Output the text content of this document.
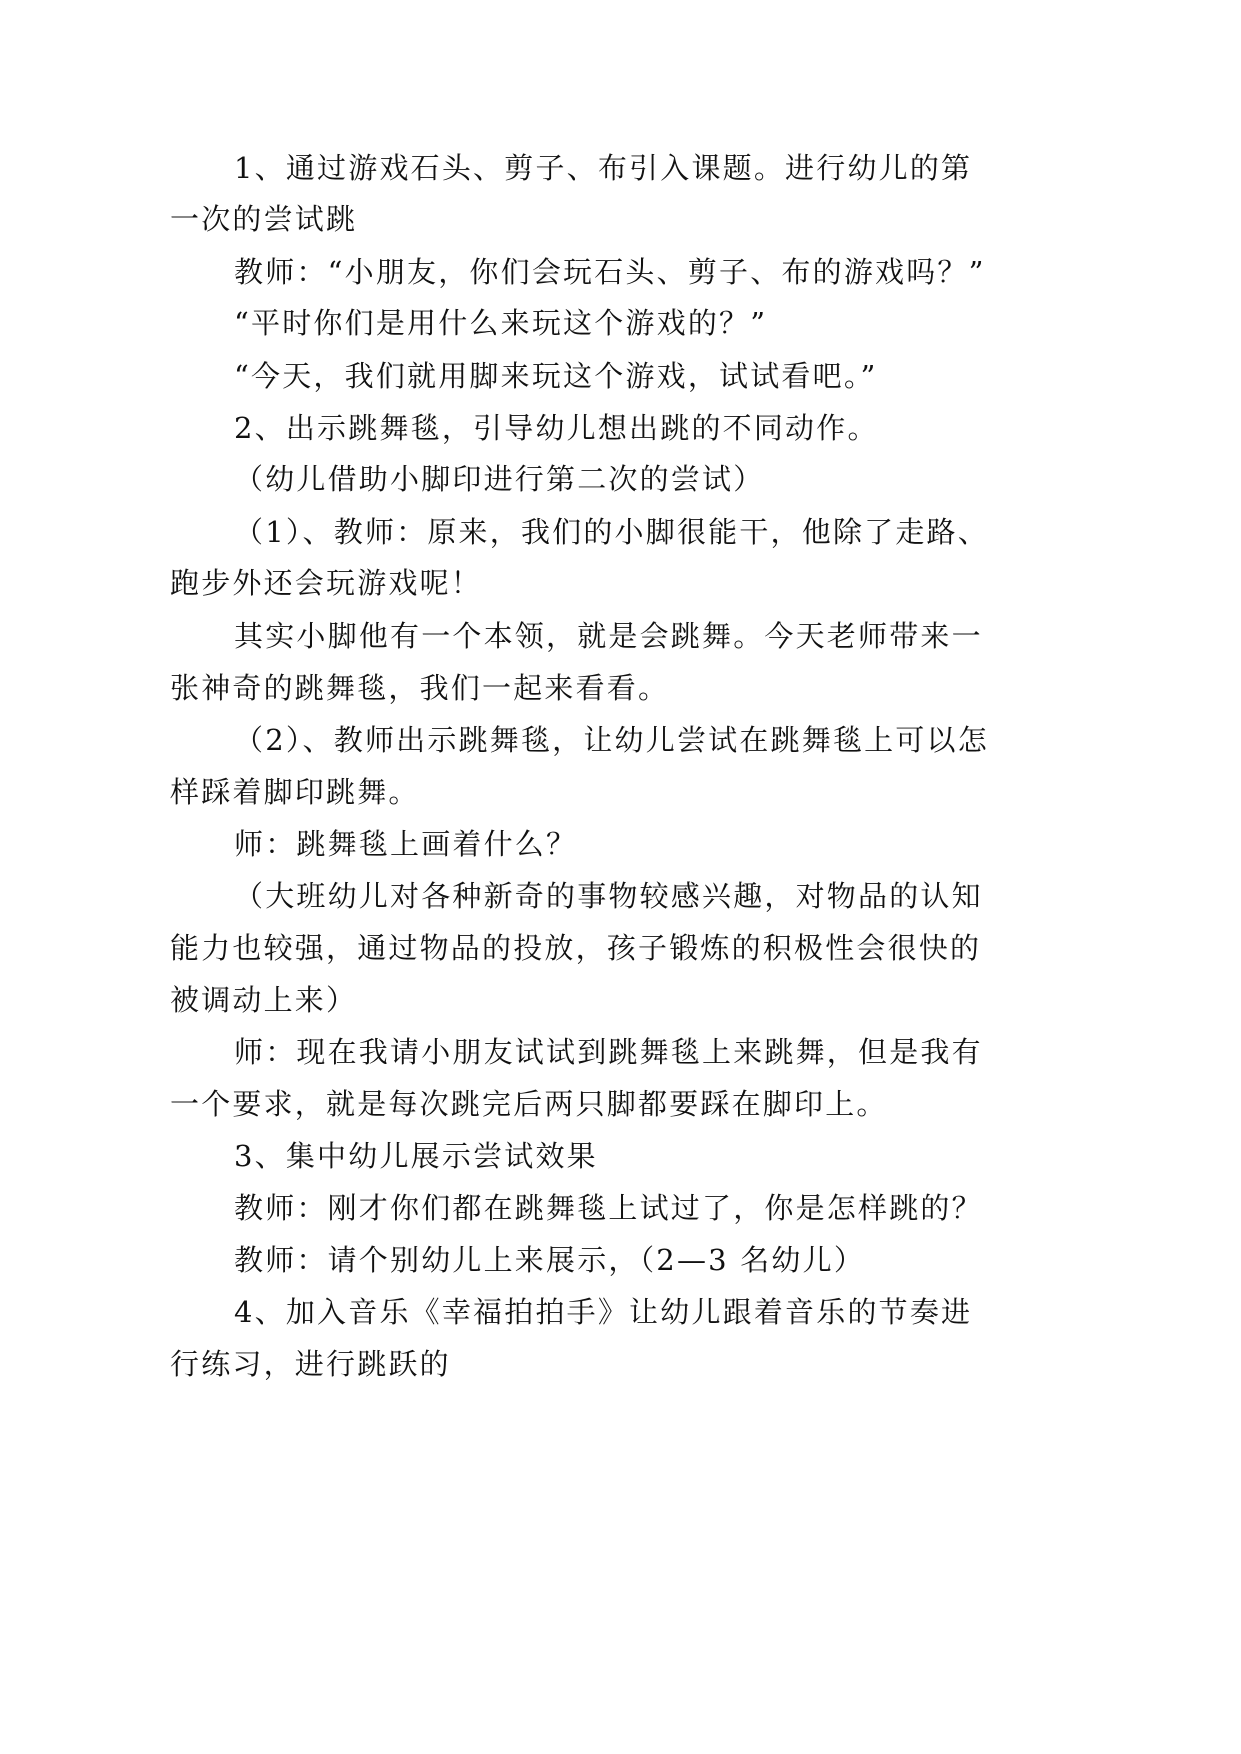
1、通过游戏石头、剪子、布引入课题。进行幼儿的第

一次的尝试跳

教师：“小朋友，你们会玩石头、剪子、布的游戏吗？”

“平时你们是用什么来玩这个游戏的？”

“今天，我们就用脚来玩这个游戏，试试看吧。”

2、出示跳舞毯，引导幼儿想出跳的不同动作。

（幼儿借助小脚印进行第二次的尝试）

（1）、教师：原来，我们的小脚很能干，他除了走路、

跑步外还会玩游戏呢！

其实小脚他有一个本领，就是会跳舞。今天老师带来一

张神奇的跳舞毯，我们一起来看看。

（2）、教师出示跳舞毯，让幼儿尝试在跳舞毯上可以怎

样踩着脚印跳舞。

师：跳舞毯上画着什么？

（大班幼儿对各种新奇的事物较感兴趣，对物品的认知

能力也较强，通过物品的投放，孩子锻炼的积极性会很快的

被调动上来）

师：现在我请小朋友试试到跳舞毯上来跳舞，但是我有

一个要求，就是每次跳完后两只脚都要踩在脚印上。

3、集中幼儿展示尝试效果

教师：刚才你们都在跳舞毯上试过了，你是怎样跳的？

教师：请个别幼儿上来展示，（2—3 名幼儿）

4、加入音乐《幸福拍拍手》让幼儿跟着音乐的节奏进

行练习，进行跳跃的
